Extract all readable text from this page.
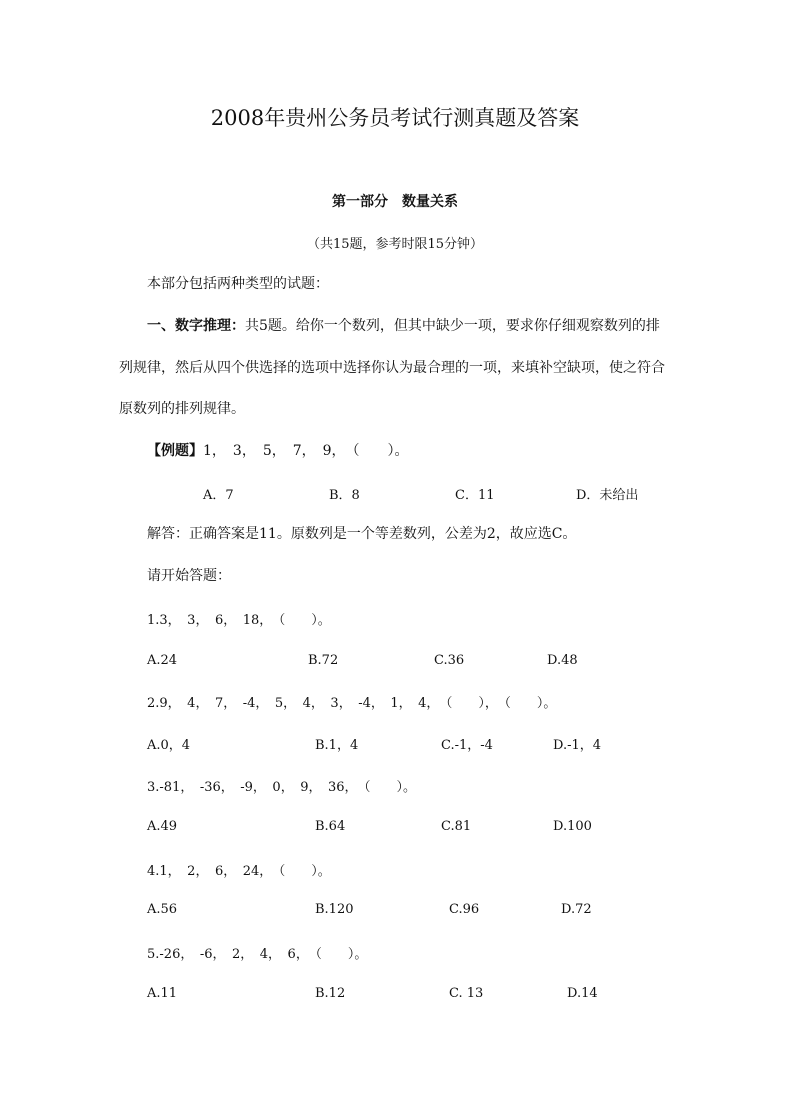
2008年贵州公务员考试行测真题及答案
第一部分　数量关系
（共15题，参考时限15分钟）
本部分包括两种类型的试题：
一、数字推理：共5题。给你一个数列，但其中缺少一项，要求你仔细观察数列的排
列规律，然后从四个供选择的选项中选择你认为最合理的一项，来填补空缺项，使之符合
原数列的排列规律。
【例题】1，　3，　5，　7，　9，　（　　）。
A．7	B．8	C．11	D．未给出
解答：正确答案是11。原数列是一个等差数列，公差为2，故应选C。
请开始答题：
1.3，　3，　6，　18，　（　　）。
A.24	B.72	C.36	D.48
2.9，　4，　7，　-4，　5，　4，　3，　-4，　1，　4，　（　　），　（　　）。
A.0，4	B.1，4	C.-1，-4	D.-1，4
3.-81，　-36，　-9，　0，　9，　36，　（　　）。
A.49	B.64	C.81	D.100
4.1，　2，　6，　24，　（　　）。
A.56	B.120	C.96	D.72
5.-26，　-6，　2，　4，　6，　（　　）。
A.11	B.12	C. 13	D.14
